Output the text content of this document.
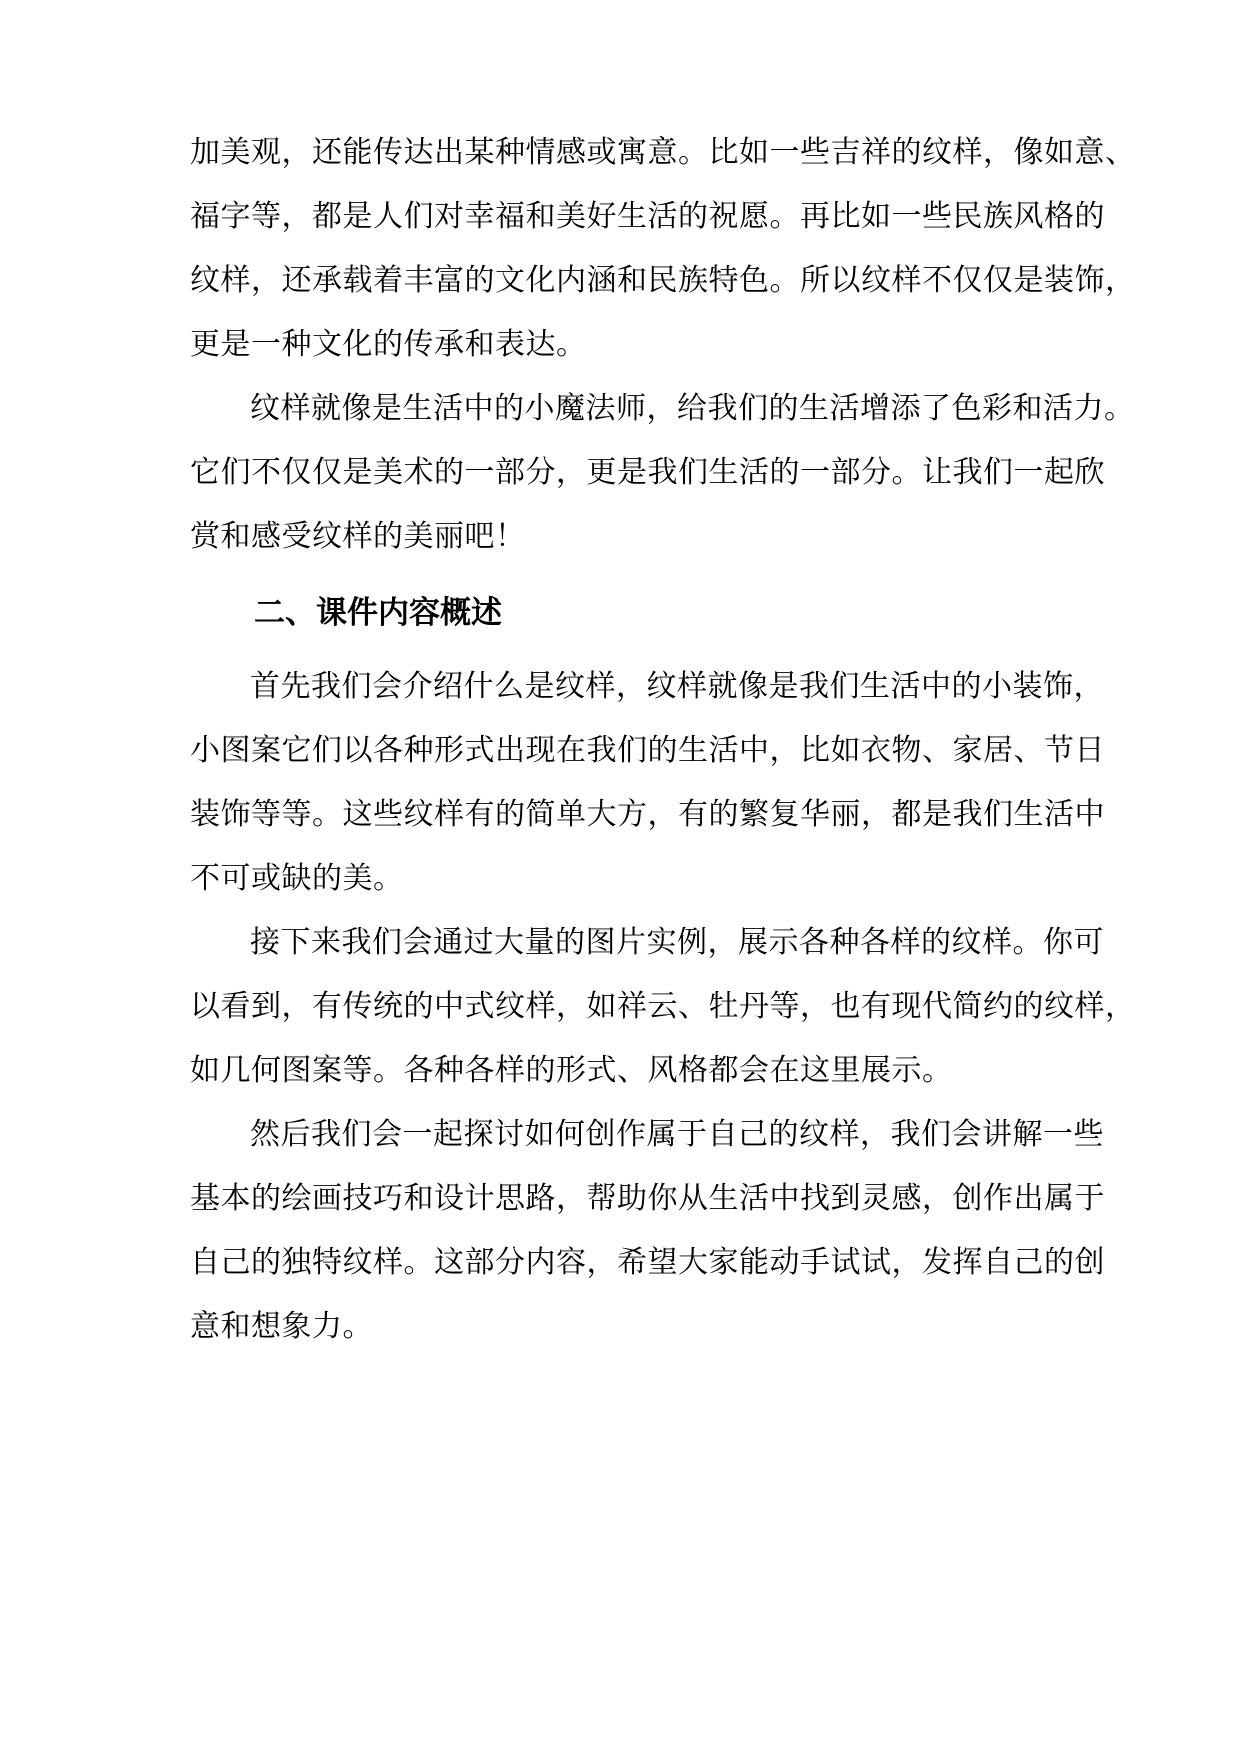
加美观，还能传达出某种情感或寓意。比如一些吉祥的纹样，像如意、
福字等，都是人们对幸福和美好生活的祝愿。再比如一些民族风格的
纹样，还承载着丰富的文化内涵和民族特色。所以纹样不仅仅是装饰，
更是一种文化的传承和表达。
纹样就像是生活中的小魔法师，给我们的生活增添了色彩和活力。
它们不仅仅是美术的一部分，更是我们生活的一部分。让我们一起欣
赏和感受纹样的美丽吧！
二、课件内容概述
首先我们会介绍什么是纹样，纹样就像是我们生活中的小装饰，
小图案它们以各种形式出现在我们的生活中，比如衣物、家居、节日
装饰等等。这些纹样有的简单大方，有的繁复华丽，都是我们生活中
不可或缺的美。
接下来我们会通过大量的图片实例，展示各种各样的纹样。你可
以看到，有传统的中式纹样，如祥云、牡丹等，也有现代简约的纹样，
如几何图案等。各种各样的形式、风格都会在这里展示。
然后我们会一起探讨如何创作属于自己的纹样，我们会讲解一些
基本的绘画技巧和设计思路，帮助你从生活中找到灵感，创作出属于
自己的独特纹样。这部分内容，希望大家能动手试试，发挥自己的创
意和想象力。
